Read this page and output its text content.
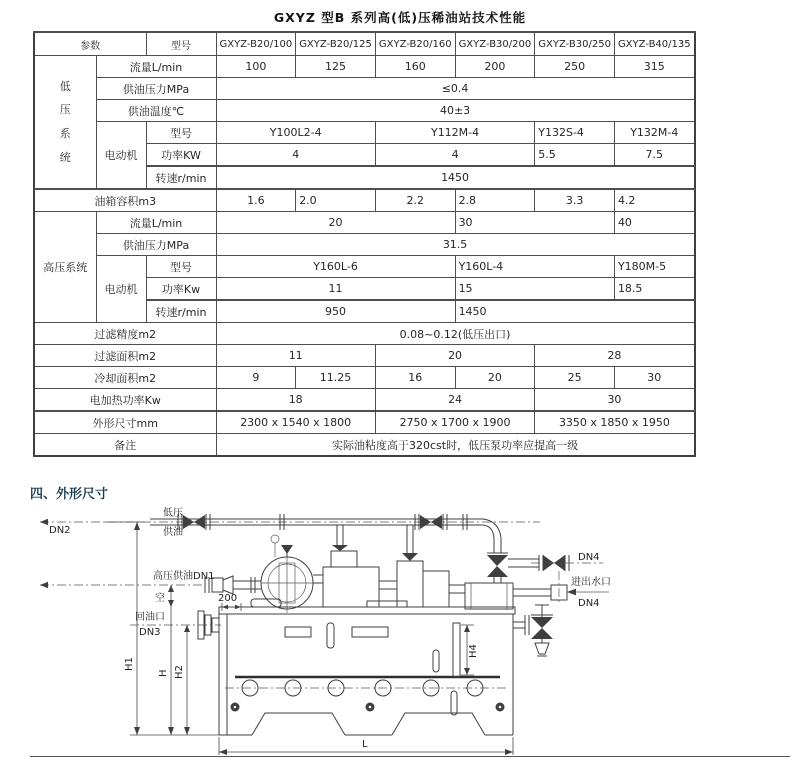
GXYZ 型B 系列高(低)压稀油站技术性能
参数		型号	GXYZ-B20/100	GXYZ-B20/125	GXYZ-B20/160	GXYZ-B30/200	GXYZ-B30/250	GXYZ-B40/135

低压系统	流量L/min		100	125	160	200	250	315
	供油压力MPa		≤0.4					
	供油温度℃		40±3					
	电动机	型号	Y100L2-4		Y112M-4		Y132S-4	Y132M-4
		功率KW	4		4		5.5	7.5
		转速r/min	1450					
油箱容积m3			1.6	2.0	2.2	2.8	3.3	4.2
高压系统	流量L/min		20			30		40
	供油压力MPa		31.5					
	电动机	型号	Y160L-6			Y160L-4		Y180M-5
		功率Kw	11			15		18.5
		转速r/min	950			1450		
过滤精度m2			0.08~0.12(低压出口)					
过滤面积m2			11		20		28	
冷却面积m2			9	11.25	16	20	25	30
电加热功率Kw			18		24		30	
外形尺寸mm			2300 x 1540 x 1800		2750 x 1700 x 1900		3350 x 1850 x 1950	
备注			实际油粘度高于320cst时，低压泵功率应提高一级					
四、外形尺寸
DN2
低压
供油
高压供油DN1
200
空
回油口
DN3
H1
H H2
H4
L
DN4
进出水口
DN4
